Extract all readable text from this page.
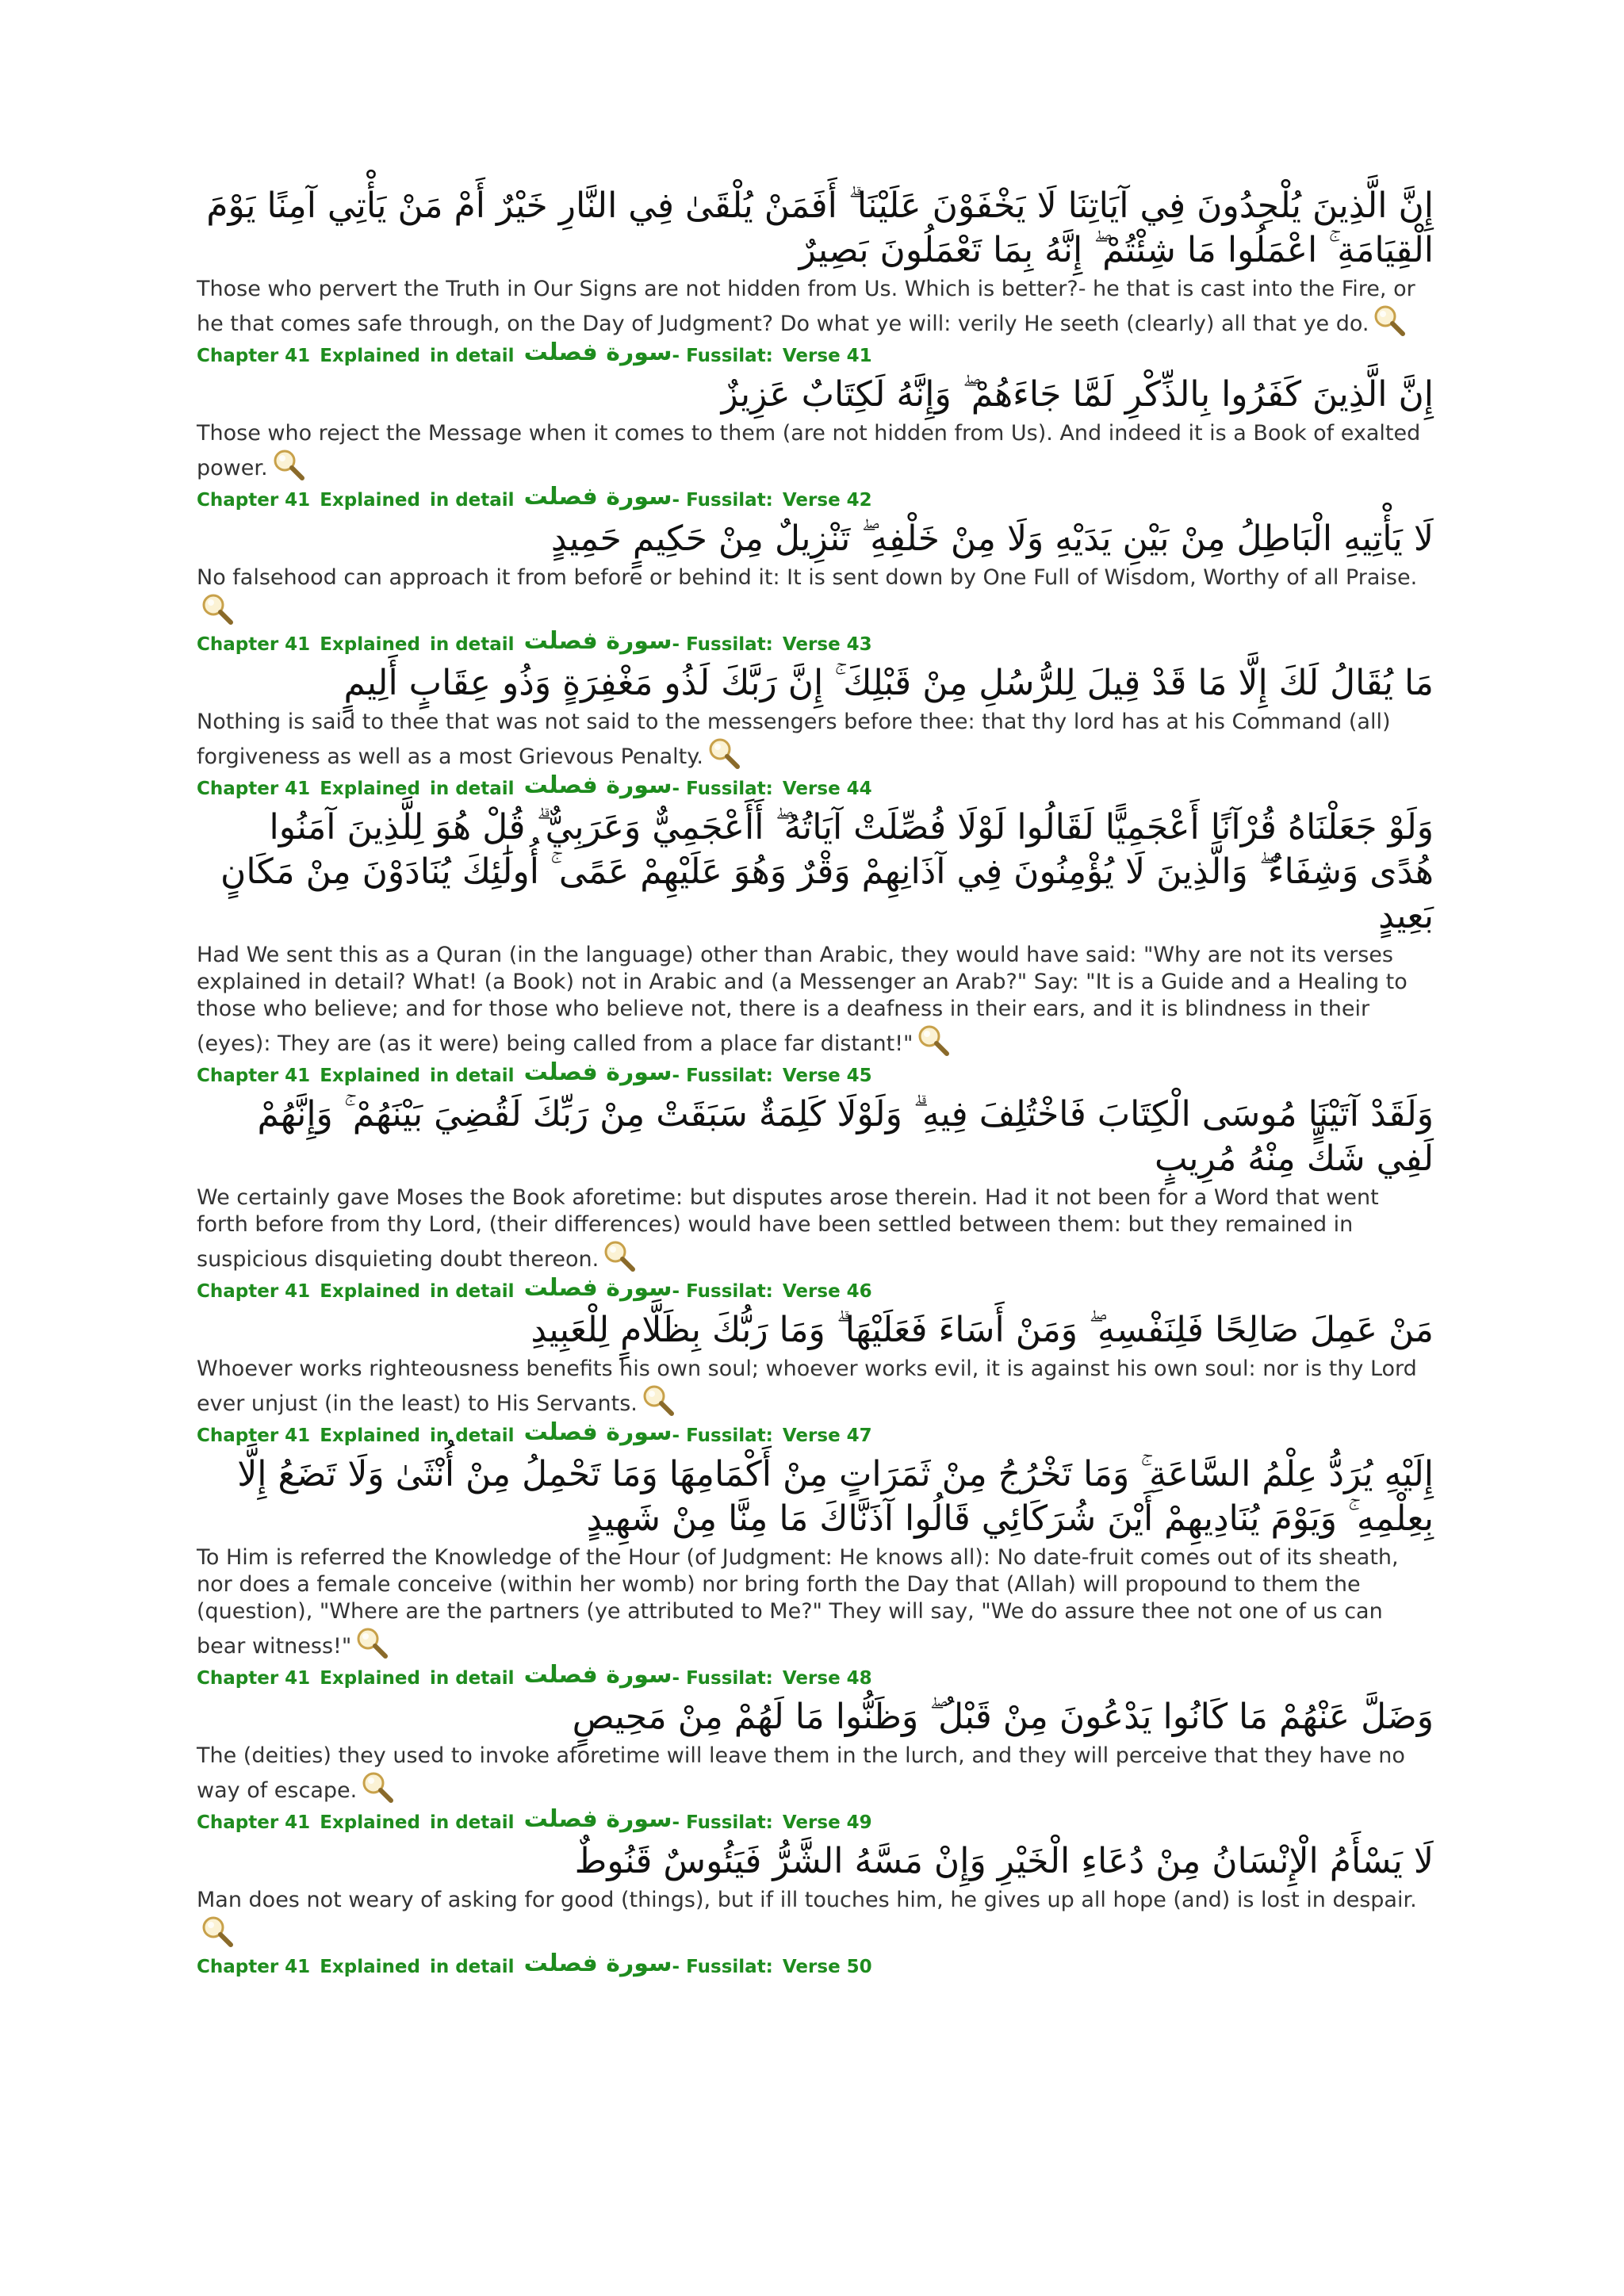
إِنَّ الَّذِينَ يُلْحِدُونَ فِي آيَاتِنَا لَا يَخْفَوْنَ عَلَيْنَا ۗ أَفَمَنْ يُلْقَىٰ فِي النَّارِ خَيْرٌ أَمْ مَنْ يَأْتِي آمِنًا يَوْمَ الْقِيَامَةِ ۚ اعْمَلُوا مَا شِئْتُمْ ۖ إِنَّهُ بِمَا تَعْمَلُونَ بَصِيرٌ
Those who pervert the Truth in Our Signs are not hidden from Us. Which is better?- he that is cast into the Fire, or he that comes safe through, on the Day of Judgment? Do what ye will: verily He seeth (clearly) all that ye do.
Chapter 41 Explained in detail سورة فصلت- Fussilat: Verse 41
إِنَّ الَّذِينَ كَفَرُوا بِالذِّكْرِ لَمَّا جَاءَهُمْ ۖ وَإِنَّهُ لَكِتَابٌ عَزِيزٌ
Those who reject the Message when it comes to them (are not hidden from Us). And indeed it is a Book of exalted power.
Chapter 41 Explained in detail سورة فصلت- Fussilat: Verse 42
لَا يَأْتِيهِ الْبَاطِلُ مِنْ بَيْنِ يَدَيْهِ وَلَا مِنْ خَلْفِهِ ۖ تَنْزِيلٌ مِنْ حَكِيمٍ حَمِيدٍ
No falsehood can approach it from before or behind it: It is sent down by One Full of Wisdom, Worthy of all Praise.
Chapter 41 Explained in detail سورة فصلت- Fussilat: Verse 43
مَا يُقَالُ لَكَ إِلَّا مَا قَدْ قِيلَ لِلرُّسُلِ مِنْ قَبْلِكَ ۚ إِنَّ رَبَّكَ لَذُو مَغْفِرَةٍ وَذُو عِقَابٍ أَلِيمٍ
Nothing is said to thee that was not said to the messengers before thee: that thy lord has at his Command (all) forgiveness as well as a most Grievous Penalty.
Chapter 41 Explained in detail سورة فصلت- Fussilat: Verse 44
وَلَوْ جَعَلْنَاهُ قُرْآنًا أَعْجَمِيًّا لَقَالُوا لَوْلَا فُصِّلَتْ آيَاتُهُ ۖ أَأَعْجَمِيٌّ وَعَرَبِيٌّ ۗ قُلْ هُوَ لِلَّذِينَ آمَنُوا هُدًى وَشِفَاءٌ ۖ وَالَّذِينَ لَا يُؤْمِنُونَ فِي آذَانِهِمْ وَقْرٌ وَهُوَ عَلَيْهِمْ عَمًى ۚ أُولَٰئِكَ يُنَادَوْنَ مِنْ مَكَانٍ بَعِيدٍ
Had We sent this as a Quran (in the language) other than Arabic, they would have said: "Why are not its verses explained in detail? What! (a Book) not in Arabic and (a Messenger an Arab?" Say: "It is a Guide and a Healing to those who believe; and for those who believe not, there is a deafness in their ears, and it is blindness in their (eyes): They are (as it were) being called from a place far distant!"
Chapter 41 Explained in detail سورة فصلت- Fussilat: Verse 45
وَلَقَدْ آتَيْنَا مُوسَى الْكِتَابَ فَاخْتُلِفَ فِيهِ ۗ وَلَوْلَا كَلِمَةٌ سَبَقَتْ مِنْ رَبِّكَ لَقُضِيَ بَيْنَهُمْ ۚ وَإِنَّهُمْ لَفِي شَكٍّ مِنْهُ مُرِيبٍ
We certainly gave Moses the Book aforetime: but disputes arose therein. Had it not been for a Word that went forth before from thy Lord, (their differences) would have been settled between them: but they remained in suspicious disquieting doubt thereon.
Chapter 41 Explained in detail سورة فصلت- Fussilat: Verse 46
مَنْ عَمِلَ صَالِحًا فَلِنَفْسِهِ ۖ وَمَنْ أَسَاءَ فَعَلَيْهَا ۗ وَمَا رَبُّكَ بِظَلَّامٍ لِلْعَبِيدِ
Whoever works righteousness benefits his own soul; whoever works evil, it is against his own soul: nor is thy Lord ever unjust (in the least) to His Servants.
Chapter 41 Explained in detail سورة فصلت- Fussilat: Verse 47
إِلَيْهِ يُرَدُّ عِلْمُ السَّاعَةِ ۚ وَمَا تَخْرُجُ مِنْ ثَمَرَاتٍ مِنْ أَكْمَامِهَا وَمَا تَحْمِلُ مِنْ أُنْثَىٰ وَلَا تَضَعُ إِلَّا بِعِلْمِهِ ۚ وَيَوْمَ يُنَادِيهِمْ أَيْنَ شُرَكَائِي قَالُوا آذَنَّاكَ مَا مِنَّا مِنْ شَهِيدٍ
To Him is referred the Knowledge of the Hour (of Judgment: He knows all): No date-fruit comes out of its sheath, nor does a female conceive (within her womb) nor bring forth the Day that (Allah) will propound to them the (question), "Where are the partners (ye attributed to Me?" They will say, "We do assure thee not one of us can bear witness!"
Chapter 41 Explained in detail سورة فصلت- Fussilat: Verse 48
وَضَلَّ عَنْهُمْ مَا كَانُوا يَدْعُونَ مِنْ قَبْلُ ۖ وَظَنُّوا مَا لَهُمْ مِنْ مَحِيصٍ
The (deities) they used to invoke aforetime will leave them in the lurch, and they will perceive that they have no way of escape.
Chapter 41 Explained in detail سورة فصلت- Fussilat: Verse 49
لَا يَسْأَمُ الْإِنْسَانُ مِنْ دُعَاءِ الْخَيْرِ وَإِنْ مَسَّهُ الشَّرُّ فَيَئُوسٌ قَنُوطٌ
Man does not weary of asking for good (things), but if ill touches him, he gives up all hope (and) is lost in despair.
Chapter 41 Explained in detail سورة فصلت- Fussilat: Verse 50
